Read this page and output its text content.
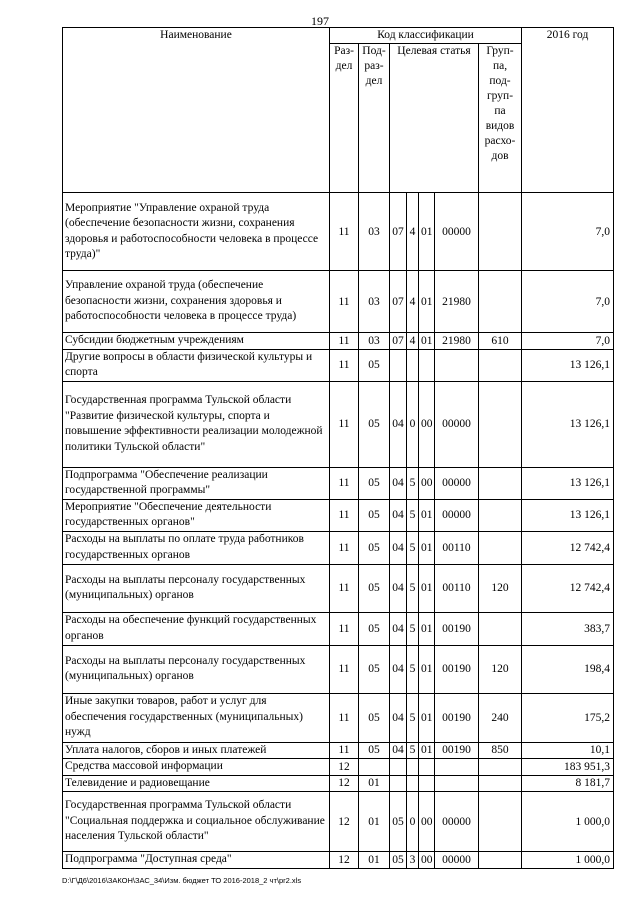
197
Наименование	Код классификации							2016 год
	Раз- дел	Под- раз- дел	Целевая статья				Груп- па, под- груп- па видов расхо- дов	
Мероприятие "Управление охраной труда (обеспечение безопасности жизни, сохранения здоровья и работоспособности человека в процессе труда)"	11	03	07	4	01	00000		7,0
Управление охраной труда (обеспечение безопасности жизни, сохранения здоровья и работоспособности человека в процессе труда)	11	03	07	4	01	21980		7,0
Субсидии бюджетным учреждениям	11	03	07	4	01	21980	610	7,0
Другие вопросы в области физической культуры и спорта	11	05						13 126,1
Государственная программа Тульской области "Развитие физической культуры, спорта и повышение эффективности реализации молодежной политики Тульской области"	11	05	04	0	00	00000		13 126,1
Подпрограмма "Обеспечение реализации государственной программы"	11	05	04	5	00	00000		13 126,1
Мероприятие "Обеспечение деятельности государственных органов"	11	05	04	5	01	00000		13 126,1
Расходы на выплаты по оплате труда работников государственных органов	11	05	04	5	01	00110		12 742,4
Расходы на выплаты персоналу государственных (муниципальных) органов	11	05	04	5	01	00110	120	12 742,4
Расходы на обеспечение функций государственных органов	11	05	04	5	01	00190		383,7
Расходы на выплаты персоналу государственных (муниципальных) органов	11	05	04	5	01	00190	120	198,4
Иные закупки товаров, работ и услуг для обеспечения государственных (муниципальных) нужд	11	05	04	5	01	00190	240	175,2
Уплата налогов, сборов и иных платежей	11	05	04	5	01	00190	850	10,1
Средства массовой информации	12							183 951,3
Телевидение и радиовещание	12	01						8 181,7
Государственная программа Тульской области "Социальная поддержка и социальное обслуживание населения Тульской области"	12	01	05	0	00	00000		1 000,0
Подпрограмма "Доступная среда"	12	01	05	3	00	00000		1 000,0
D:\Г\Д6\2016\ЗАКОН\ЗАС_34\Изм. бюджет ТО 2016-2018_2 чт\рr2.xls
